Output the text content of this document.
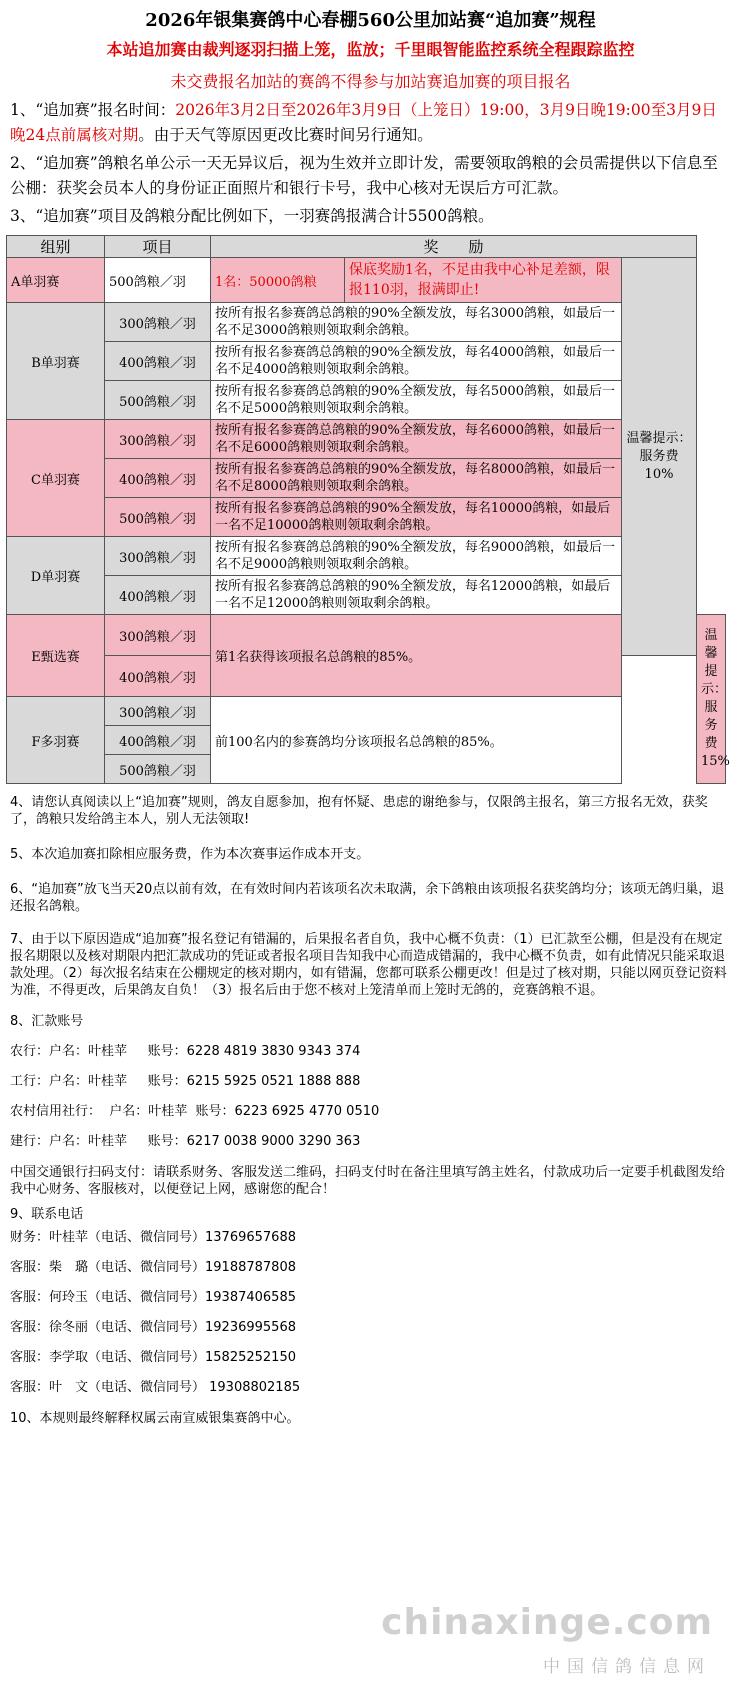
2026年银集赛鸽中心春棚560公里加站赛“追加赛”规程
本站追加赛由裁判逐羽扫描上笼，监放；千里眼智能监控系统全程跟踪监控
未交费报名加站的赛鸽不得参与加站赛追加赛的项目报名
1、“追加赛”报名时间：2026年3月2日至2026年3月9日（上笼日）19:00，3月9日晚19:00至3月9日晚24点前属核对期。由于天气等原因更改比赛时间另行通知。
2、“追加赛”鸽粮名单公示一天无异议后，视为生效并立即计发，需要领取鸽粮的会员需提供以下信息至公棚：获奖会员本人的身份证正面照片和银行卡号，我中心核对无误后方可汇款。
3、“追加赛”项目及鸽粮分配比例如下，一羽赛鸽报满合计5500鸽粮。
组别	项目	奖　　励			
A单羽赛	500鸽粮／羽	1名：50000鸽粮	保底奖励1名，不足由我中心补足差额，限报110羽，报满即止!	温馨提示：服务费10%	
B单羽赛	300鸽粮／羽	按所有报名参赛鸽总鸽粮的90%全额发放，每名3000鸽粮，如最后一名不足3000鸽粮则领取剩余鸽粮。			
	400鸽粮／羽	按所有报名参赛鸽总鸽粮的90%全额发放，每名4000鸽粮，如最后一名不足4000鸽粮则领取剩余鸽粮。			
	500鸽粮／羽	按所有报名参赛鸽总鸽粮的90%全额发放，每名5000鸽粮，如最后一名不足5000鸽粮则领取剩余鸽粮。			
C单羽赛	300鸽粮／羽	按所有报名参赛鸽总鸽粮的90%全额发放，每名6000鸽粮，如最后一名不足6000鸽粮则领取剩余鸽粮。			
	400鸽粮／羽	按所有报名参赛鸽总鸽粮的90%全额发放，每名8000鸽粮，如最后一名不足8000鸽粮则领取剩余鸽粮。			
	500鸽粮／羽	按所有报名参赛鸽总鸽粮的90%全额发放，每名10000鸽粮，如最后一名不足10000鸽粮则领取剩余鸽粮。			
D单羽赛	300鸽粮／羽	按所有报名参赛鸽总鸽粮的90%全额发放，每名9000鸽粮，如最后一名不足9000鸽粮则领取剩余鸽粮。			
	400鸽粮／羽	按所有报名参赛鸽总鸽粮的90%全额发放，每名12000鸽粮，如最后一名不足12000鸽粮则领取剩余鸽粮。			
E甄选赛	300鸽粮／羽	第1名获得该项报名总鸽粮的85%。			温馨提示：服务费15%
	400鸽粮／羽				
F多羽赛	300鸽粮／羽	前100名内的参赛鸽均分该项报名总鸽粮的85%。			
	400鸽粮／羽				
	500鸽粮／羽				

4、请您认真阅读以上“追加赛”规则，鸽友自愿参加，抱有怀疑、患虑的谢绝参与，仅限鸽主报名，第三方报名无效，获奖了，鸽粮只发给鸽主本人，别人无法领取!

5、本次追加赛扣除相应服务费，作为本次赛事运作成本开支。

6、“追加赛”放飞当天20点以前有效，在有效时间内若该项名次未取满，余下鸽粮由该项报名获奖鸽均分；该项无鸽归巢，退还报名鸽粮。

7、由于以下原因造成“追加赛”报名登记有错漏的，后果报名者自负，我中心概不负责：（1）已汇款至公棚，但是没有在规定报名期限以及核对期限内把汇款成功的凭证或者报名项目告知我中心而造成错漏的，我中心概不负责，如有此情况只能采取退款处理。（2）每次报名结束在公棚规定的核对期内，如有错漏，您都可联系公棚更改！但是过了核对期，只能以网页登记资料为准，不得更改，后果鸽友自负！（3）报名后由于您不核对上笼清单而上笼时无鸽的，竞赛鸽粮不退。

8、汇款账号

农行：户名：叶桂苹     账号：6228 4819 3830 9343 374

工行：户名：叶桂苹     账号：6215 5925 0521 1888 888

农村信用社行：  户名：叶桂苹  账号：6223 6925 4770 0510

建行：户名：叶桂苹     账号：6217 0038 9000 3290 363

中国交通银行扫码支付：请联系财务、客服发送二维码，扫码支付时在备注里填写鸽主姓名，付款成功后一定要手机截图发给我中心财务、客服核对，以便登记上网，感谢您的配合！

9、联系电话

财务：叶桂苹（电话、微信同号）13769657688

客服：柴　璐（电话、微信同号）19188787808

客服：何玲玉（电话、微信同号）19387406585

客服：徐冬丽（电话、微信同号）19236995568

客服：李学取（电话、微信同号）15825252150

客服：叶　文（电话、微信同号） 19308802185

10、本规则最终解释权属云南宣威银集赛鸽中心。

chinaxinge.com
中国信鸽信息网
